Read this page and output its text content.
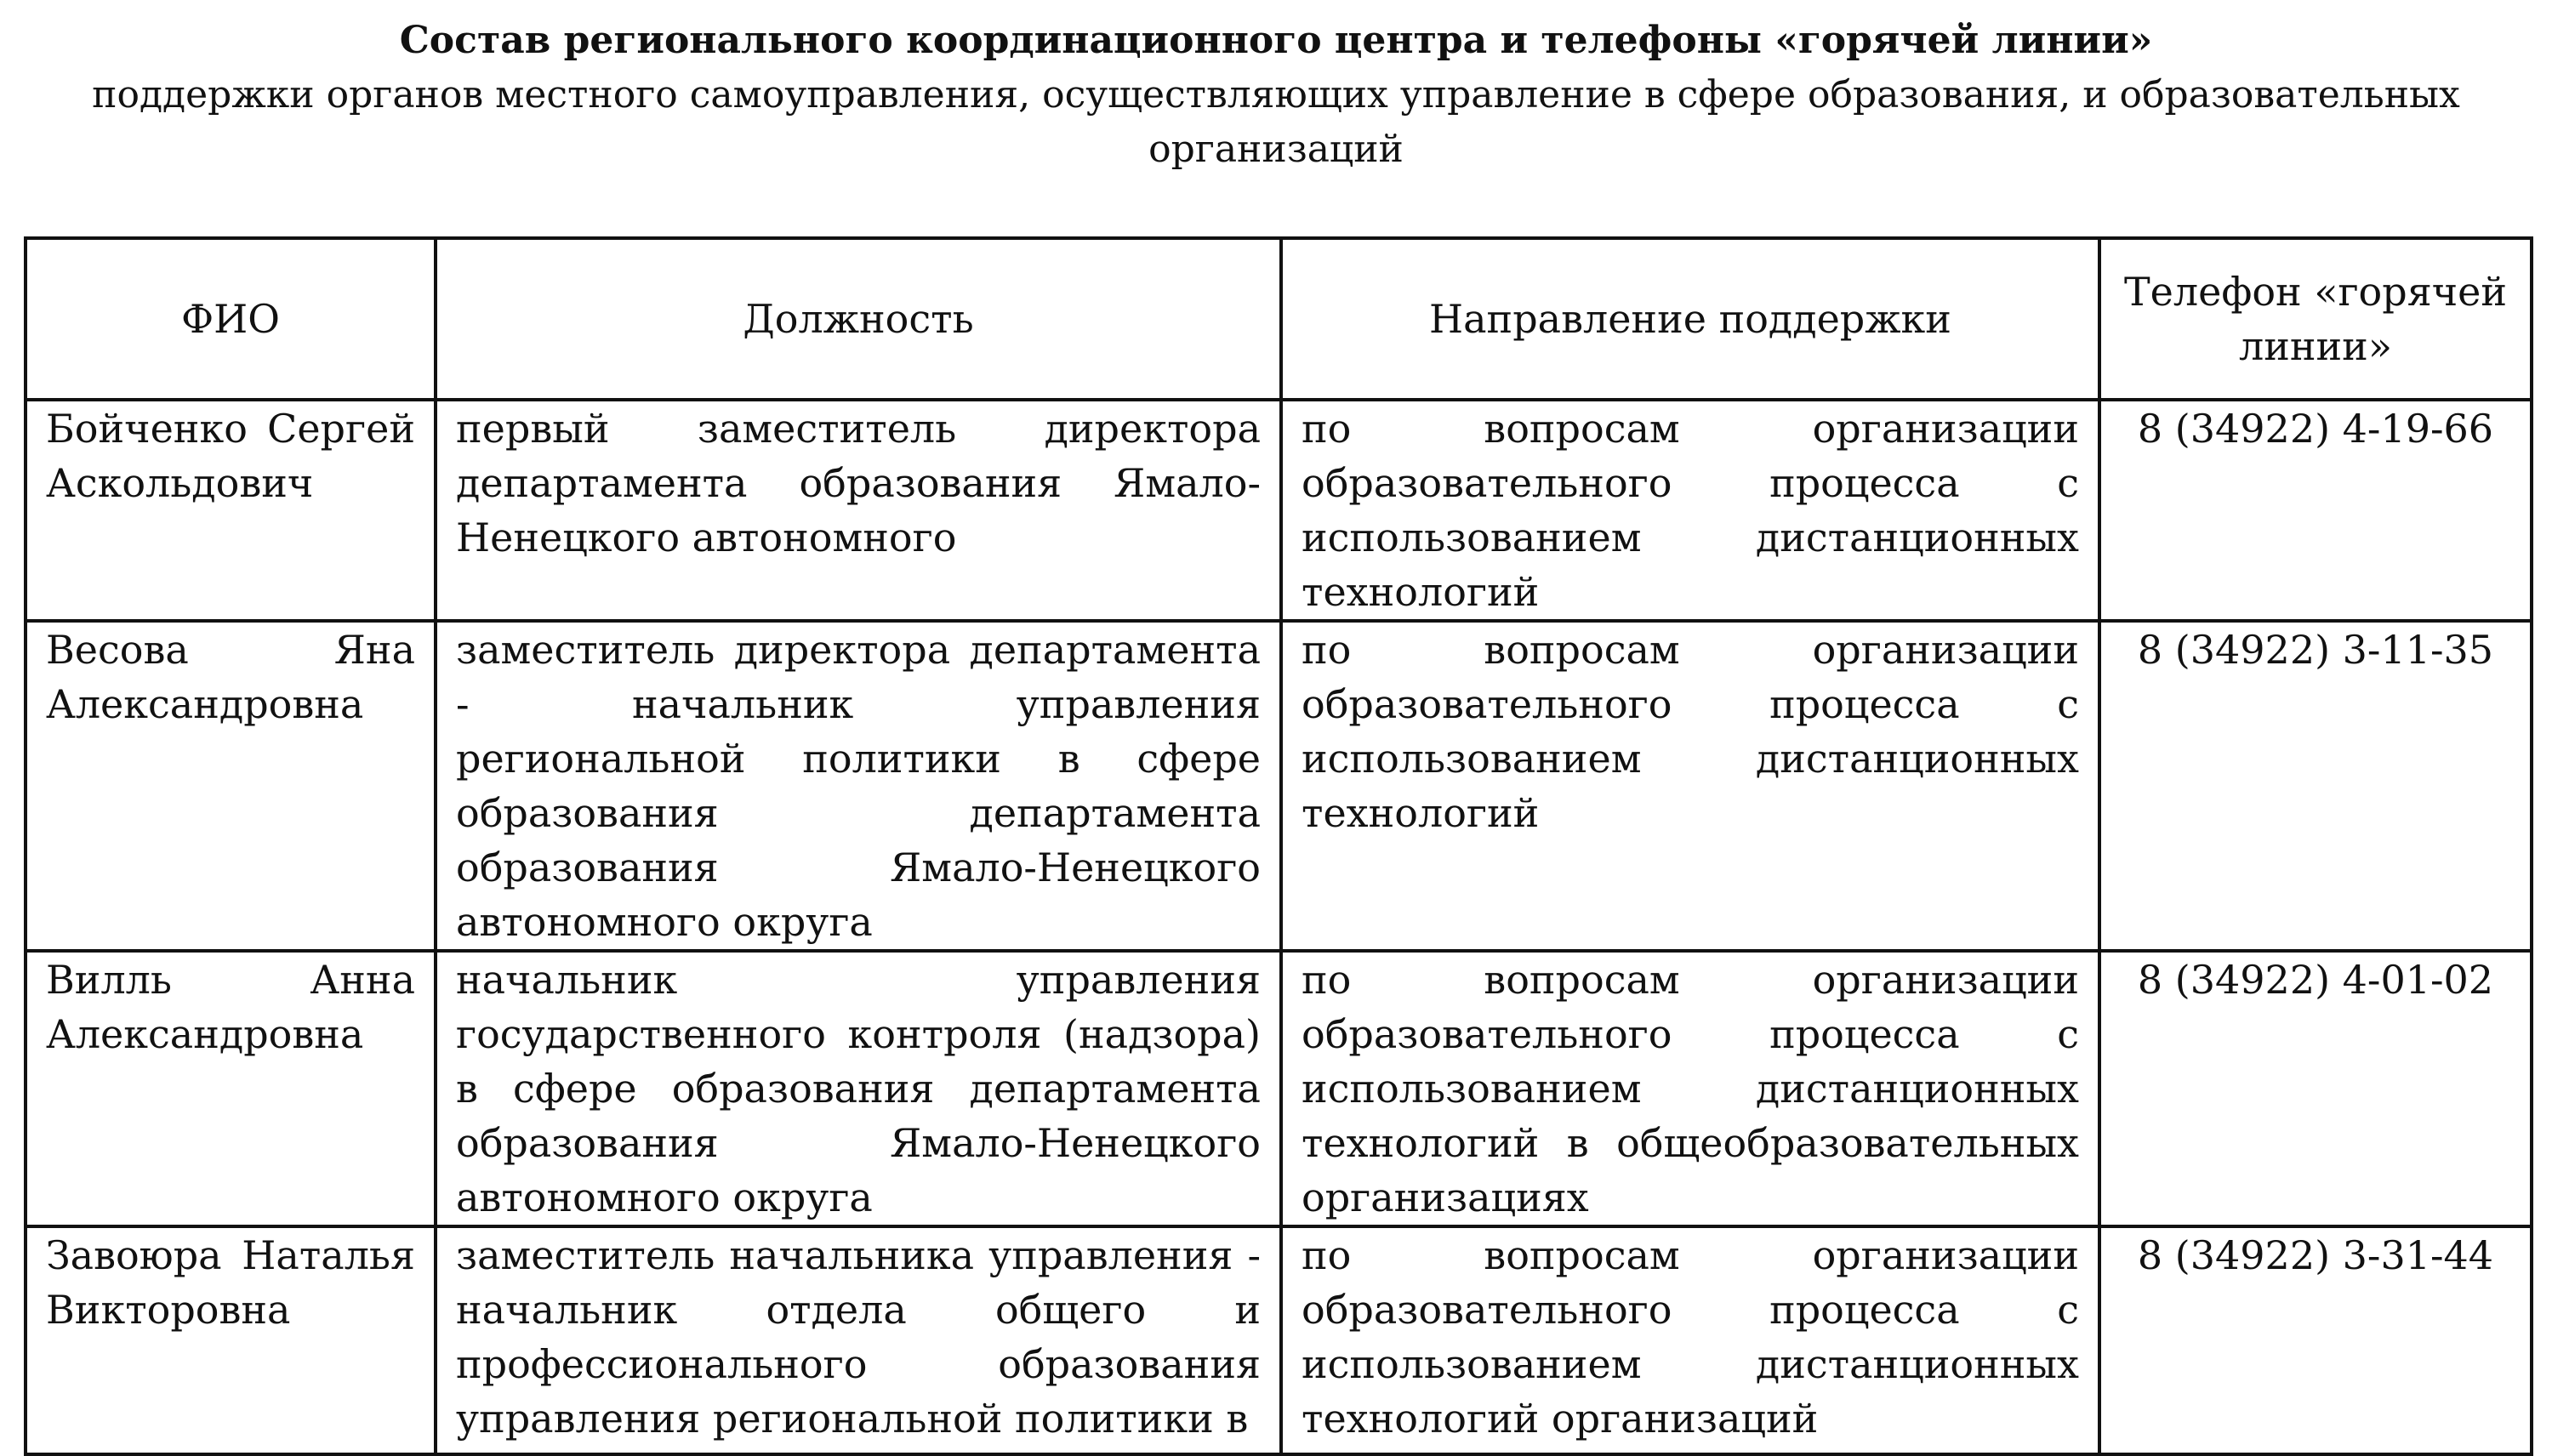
Состав регионального координационного центра и телефоны «горячей линии»

поддержки органов местного самоуправления, осуществляющих управление в сфере образования, и образовательных организаций

ФИО	Должность	Направление поддержки	Телефон «горячей линии»
Бойченко Сергей Аскольдович	первый заместитель директора департамента образования Ямало-Ненецкого автономного	по вопросам организации образовательного процесса с использованием дистанционных технологий	8 (34922) 4-19-66
Весова Яна Александровна	заместитель директора департамента - начальник управления региональной политики в сфере образования департамента образования Ямало-Ненецкого автономного округа	по вопросам организации образовательного процесса с использованием дистанционных технологий	8 (34922) 3-11-35
Вилль Анна Александровна	начальник управления государственного контроля (надзора) в сфере образования департамента образования Ямало-Ненецкого автономного округа	по вопросам организации образовательного процесса с использованием дистанционных технологий в общеобразовательных организациях	8 (34922) 4-01-02
Завоюра Наталья Викторовна	заместитель начальника управления - начальник отдела общего и профессионального образования управления региональной политики в	по вопросам организации образовательного процесса с использованием дистанционных технологий организаций	8 (34922) 3-31-44
